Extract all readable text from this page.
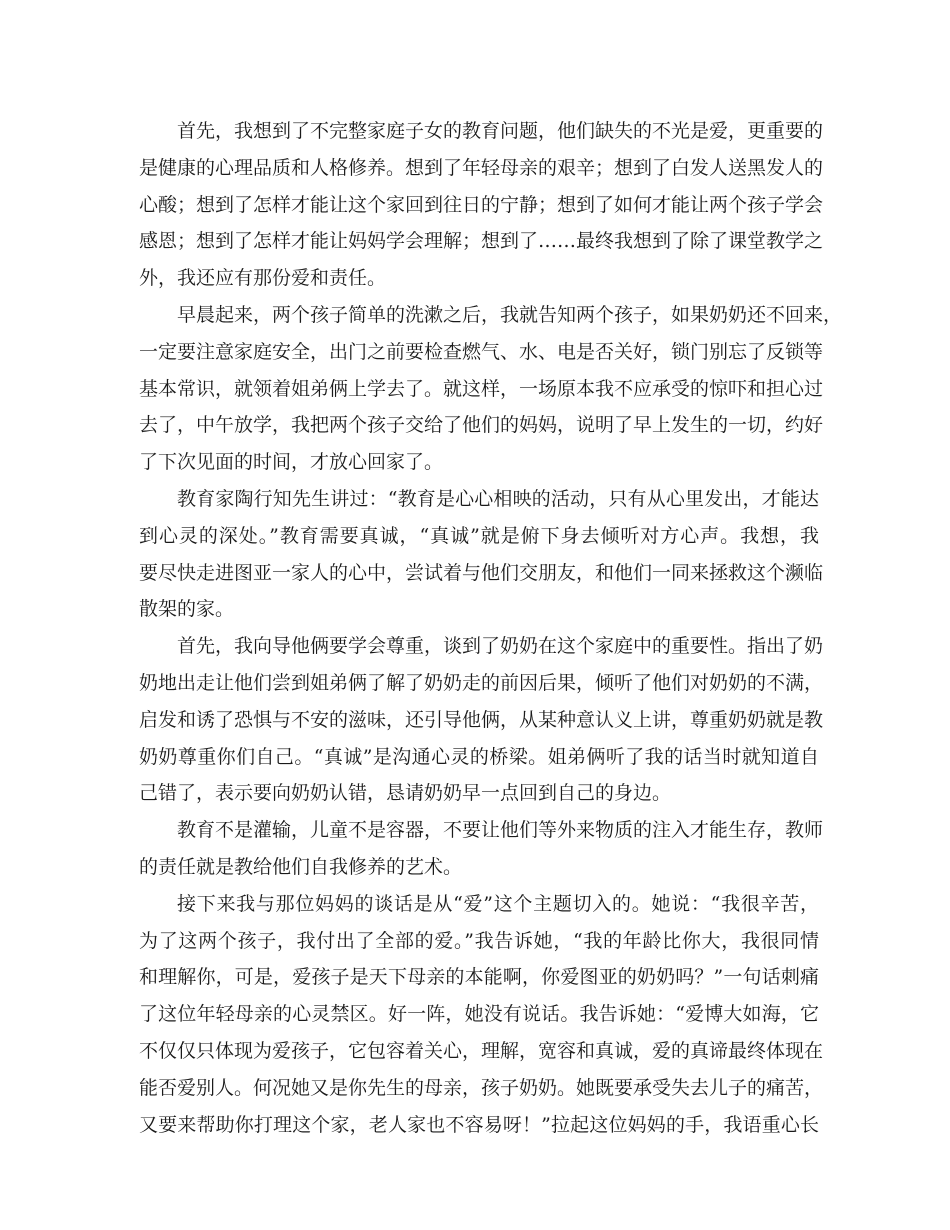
首先，我想到了不完整家庭子女的教育问题，他们缺失的不光是爱，更重要的
是健康的心理品质和人格修养。想到了年轻母亲的艰辛；想到了白发人送黑发人的
心酸；想到了怎样才能让这个家回到往日的宁静；想到了如何才能让两个孩子学会
感恩；想到了怎样才能让妈妈学会理解；想到了……最终我想到了除了课堂教学之
外，我还应有那份爱和责任。
早晨起来，两个孩子简单的洗漱之后，我就告知两个孩子，如果奶奶还不回来，
一定要注意家庭安全，出门之前要检查燃气、水、电是否关好，锁门别忘了反锁等
基本常识，就领着姐弟俩上学去了。就这样，一场原本我不应承受的惊吓和担心过
去了，中午放学，我把两个孩子交给了他们的妈妈，说明了早上发生的一切，约好
了下次见面的时间，才放心回家了。
教育家陶行知先生讲过：“教育是心心相映的活动，只有从心里发出，才能达
到心灵的深处。”教育需要真诚，“真诚”就是俯下身去倾听对方心声。我想，我
要尽快走进图亚一家人的心中，尝试着与他们交朋友，和他们一同来拯救这个濒临
散架的家。
首先，我向导他俩要学会尊重，谈到了奶奶在这个家庭中的重要性。指出了奶
奶地出走让他们尝到姐弟俩了解了奶奶走的前因后果，倾听了他们对奶奶的不满，
启发和诱了恐惧与不安的滋味，还引导他俩，从某种意认义上讲，尊重奶奶就是教
奶奶尊重你们自己。“真诚”是沟通心灵的桥梁。姐弟俩听了我的话当时就知道自
己错了，表示要向奶奶认错，恳请奶奶早一点回到自己的身边。
教育不是灌输，儿童不是容器，不要让他们等外来物质的注入才能生存，教师
的责任就是教给他们自我修养的艺术。
接下来我与那位妈妈的谈话是从“爱”这个主题切入的。她说：“我很辛苦，
为了这两个孩子，我付出了全部的爱。”我告诉她，“我的年龄比你大，我很同情
和理解你，可是，爱孩子是天下母亲的本能啊，你爱图亚的奶奶吗？”一句话刺痛
了这位年轻母亲的心灵禁区。好一阵，她没有说话。我告诉她：“爱博大如海，它
不仅仅只体现为爱孩子，它包容着关心，理解，宽容和真诚，爱的真谛最终体现在
能否爱别人。何况她又是你先生的母亲，孩子奶奶。她既要承受失去儿子的痛苦，
又要来帮助你打理这个家，老人家也不容易呀！”拉起这位妈妈的手，我语重心长
